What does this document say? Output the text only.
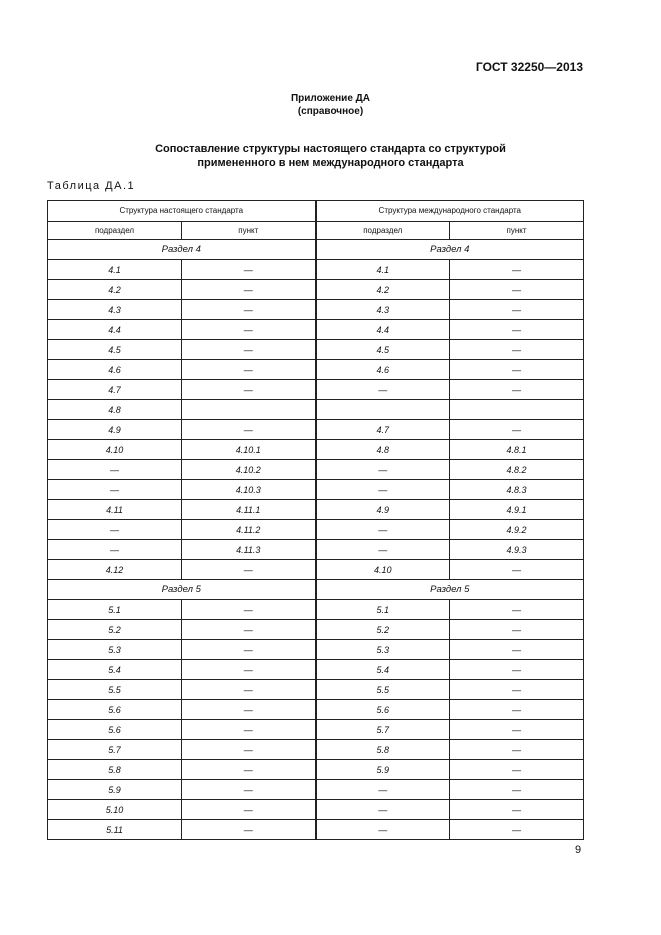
ГОСТ 32250—2013
Приложение ДА
(справочное)
Сопоставление структуры настоящего стандарта со структурой
примененного в нем международного стандарта
Таблица ДА.1
Структура настоящего стандарта		Структура международного стандарта	
подраздел	пункт	подраздел	пункт
Раздел 4		Раздел 4	
4.1	—	4.1	—
4.2	—	4.2	—
4.3	—	4.3	—
4.4	—	4.4	—
4.5	—	4.5	—
4.6	—	4.6	—
4.7	—	—	—
4.8			
4.9	—	4.7	—
4.10	4.10.1	4.8	4.8.1
—	4.10.2	—	4.8.2
—	4.10.3	—	4.8.3
4.11	4.11.1	4.9	4.9.1
—	4.11.2	—	4.9.2
—	4.11.3	—	4.9.3
4.12	—	4.10	—
Раздел 5		Раздел 5	
5.1	—	5.1	—
5.2	—	5.2	—
5.3	—	5.3	—
5.4	—	5.4	—
5.5	—	5.5	—
5.6	—	5.6	—
5.6	—	5.7	—
5.7	—	5.8	—
5.8	—	5.9	—
5.9	—	—	—
5.10	—	—	—
5.11	—	—	—
9
